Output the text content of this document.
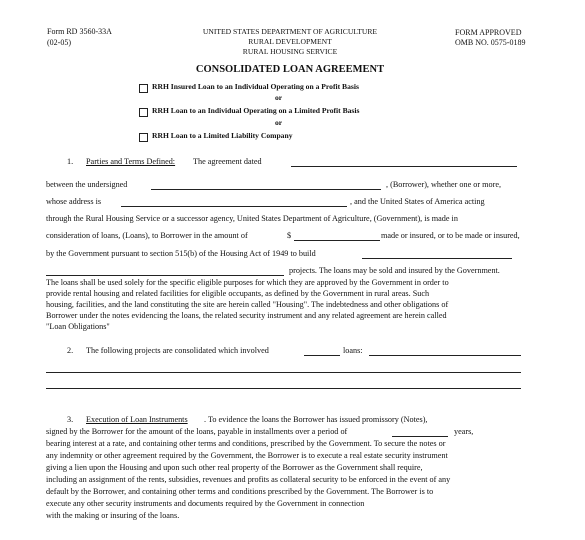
Form RD 3560-33A
(02-05)
UNITED STATES DEPARTMENT OF AGRICULTURE
RURAL DEVELOPMENT
RURAL HOUSING SERVICE
FORM APPROVED
OMB NO. 0575-0189
CONSOLIDATED LOAN AGREEMENT
RRH Insured Loan to an Individual Operating on a Profit Basis
or
RRH Loan to an Individual Operating on a Limited Profit Basis
or
RRH Loan to a Limited Liability Company
1. Parties and Terms Defined: The agreement dated
between the undersigned	, (Borrower), whether one or more,
whose address is	, and the United States of America acting
through the Rural Housing Service or a successor agency, United States Department of Agriculture, (Government), is made in
consideration of loans, (Loans), to Borrower in the amount of	$	made or insured, or to be made or insured,
by the Government pursuant to section 515(b) of the Housing Act of 1949 to build
projects. The loans may be sold and insured by the Government.
The loans shall be used solely for the specific eligible purposes for which they are approved by the Government in order to
provide rental housing and related facilities for eligible occupants, as defined by the Government in rural areas. Such
housing, facilities, and the land constituting the site are herein called "Housing". The indebtedness and other obligations of
Borrower under the notes evidencing the loans, the related security instrument and any related agreement are herein called
"Loan Obligations"
2. The following projects are consolidated which involved	loans:
3. Execution of Loan Instruments . To evidence the loans the Borrower has issued promissory (Notes),
signed by the Borrower for the amount of the loans, payable in installments over a period of	years,
bearing interest at a rate, and containing other terms and conditions, prescribed by the Government. To secure the notes or
any indemnity or other agreement required by the Government, the Borrower is to execute a real estate security instrument
giving a lien upon the Housing and upon such other real property of the Borrower as the Government shall require,
including an assignment of the rents, subsidies, revenues and profits as collateral security to be enforced in the event of any
default by the Borrower, and containing other terms and conditions prescribed by the Government. The Borrower is to
execute any other security instruments and documents required by the Government in connection
with the making or insuring of the loans.
